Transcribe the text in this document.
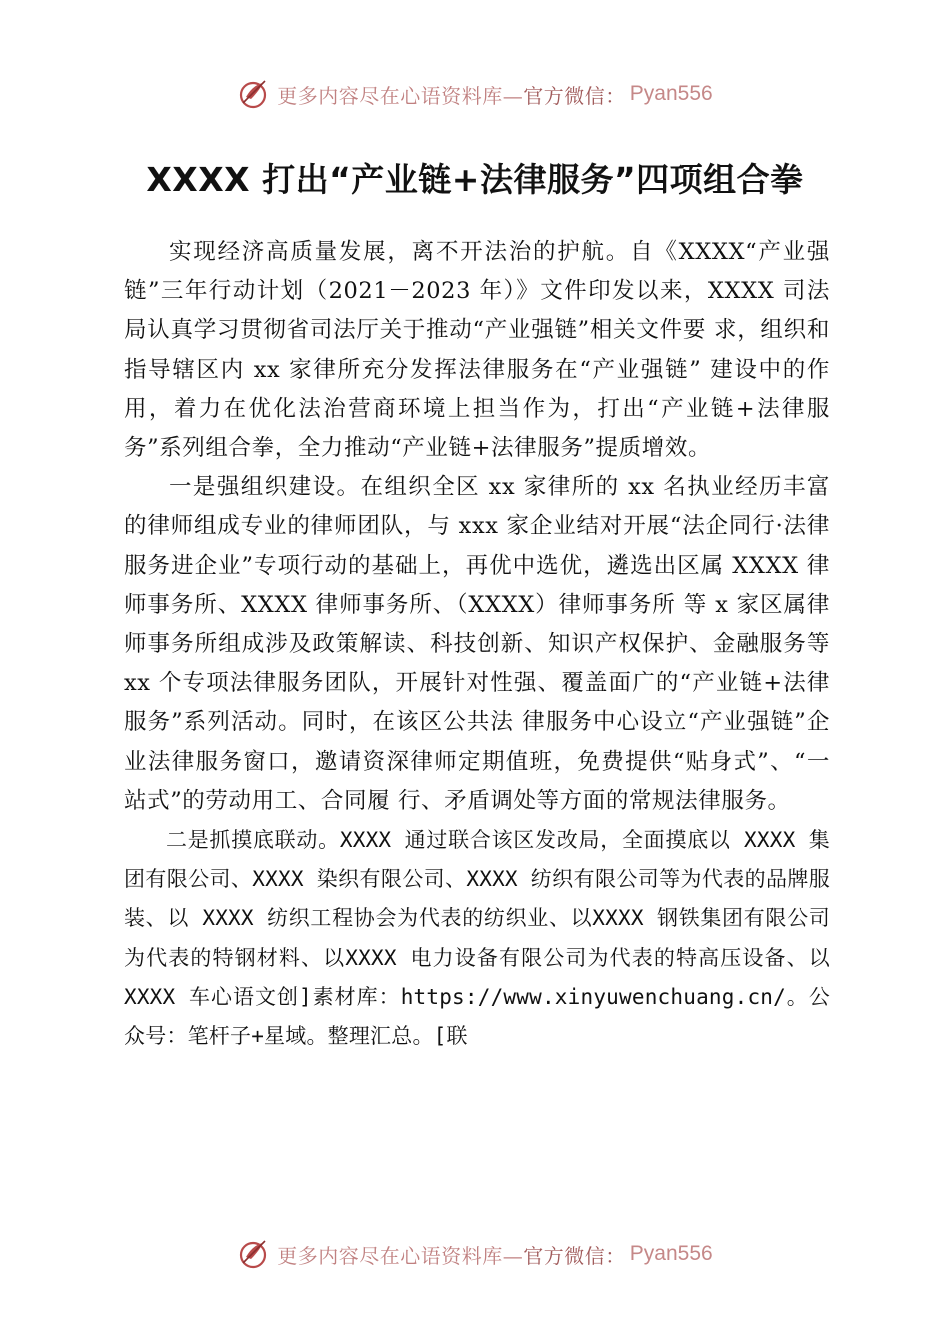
更多内容尽在心语资料库—官方微信： Pyan556
XXXX 打出“产业链+法律服务”四项组合拳

实现经济高质量发展，离不开法治的护航。自《XXXX“产业强链”三年行动计划（2021－2023 年）》文件印发以来，XXXX 司法局认真学习贯彻省司法厅关于推动“产业强链”相关文件要 求，组织和指导辖区内 xx 家律所充分发挥法律服务在“产业强链” 建设中的作用，着力在优化法治营商环境上担当作为，打出“产业链+法律服务”系列组合拳，全力推动“产业链+法律服务”提质增效。

一是强组织建设。在组织全区 xx 家律所的 xx 名执业经历丰富的律师组成专业的律师团队，与 xxx 家企业结对开展“法企同行·法律服务进企业”专项行动的基础上，再优中选优，遴选出区属 XXXX 律师事务所、XXXX 律师事务所、（XXXX）律师事务所 等 x 家区属律师事务所组成涉及政策解读、科技创新、知识产权保护、金融服务等 xx 个专项法律服务团队，开展针对性强、覆盖面广的“产业链+法律服务”系列活动。同时，在该区公共法 律服务中心设立“产业强链”企业法律服务窗口，邀请资深律师定期值班，免费提供“贴身式”、“一站式”的劳动用工、合同履 行、矛盾调处等方面的常规法律服务。

二是抓摸底联动。XXXX 通过联合该区发改局，全面摸底以 XXXX 集团有限公司、XXXX 染织有限公司、XXXX 纺织有限公司等为代表的品牌服装、以 XXXX 纺织工程协会为代表的纺织业、以XXXX 钢铁集团有限公司为代表的特钢材料、以XXXX 电力设备有限公司为代表的特高压设备、以 XXXX 车心语文创]素材库：https://www.xinyuwenchuang.cn/。公众号：笔杆子+星域。整理汇总。[联

更多内容尽在心语资料库—官方微信： Pyan556
